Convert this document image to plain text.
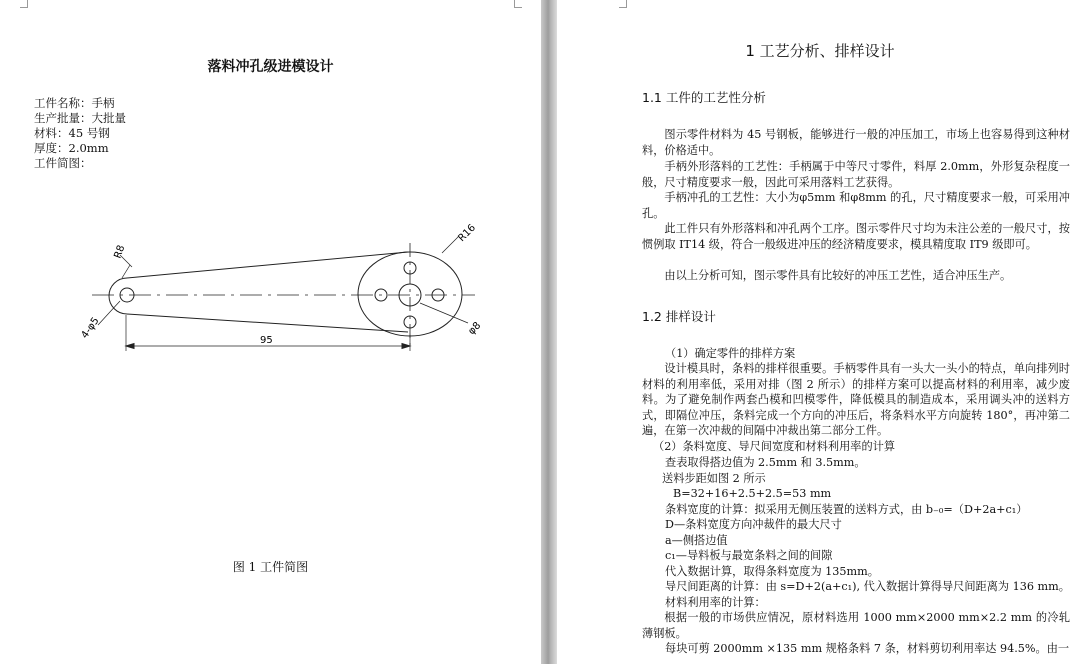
落料冲孔级进模设计
工件名称：手柄
生产批量：大批量
材料：45 号钢
厚度：2.0mm
工件简图：
R16
R8
4-φ5	φ8
95
图 1 工件简图
1 工艺分析、排样设计
1.1 工件的工艺性分析

图示零件材料为 45 号钢板，能够进行一般的冲压加工，市场上也容易得到这种材料，价格适中。

手柄外形落料的工艺性：手柄属于中等尺寸零件，料厚 2.0mm，外形复杂程度一般，尺寸精度要求一般，因此可采用落料工艺获得。

手柄冲孔的工艺性：大小为φ5mm 和φ8mm 的孔，尺寸精度要求一般，可采用冲孔。

此工件只有外形落料和冲孔两个工序。图示零件尺寸均为未注公差的一般尺寸，按惯例取 IT14 级，符合一般级进冲压的经济精度要求，模具精度取 IT9 级即可。

由以上分析可知，图示零件具有比较好的冲压工艺性，适合冲压生产。

1.2 排样设计
（1）确定零件的排样方案

设计模具时，条料的排样很重要。手柄零件具有一头大一头小的特点，单向排列时材料的利用率低，采用对排（图 2 所示）的排样方案可以提高材料的利用率，减少废料。为了避免制作两套凸模和凹模零件，降低模具的制造成本，采用调头冲的送料方式，即隔位冲压，条料完成一个方向的冲压后，将条料水平方向旋转 180°，再冲第二遍，在第一次冲裁的间隔中冲裁出第二部分工件。

（2）条料宽度、导尺间宽度和材料利用率的计算
查表取得搭边值为 2.5mm 和 3.5mm。
送料步距如图 2 所示
B=32+16+2.5+2.5=53 mm
条料宽度的计算：拟采用无侧压装置的送料方式，由 b₋₀=（D+2a+c₁）
D—条料宽度方向冲裁件的最大尺寸
a—侧搭边值
c₁—导料板与最宽条料之间的间隙
代入数据计算，取得条料宽度为 135mm。
导尺间距离的计算：由 s=D+2(a+c₁), 代入数据计算得导尺间距离为 136 mm。
材料利用率的计算：

根据一般的市场供应情况，原材料选用 1000 mm×2000 mm×2.2 mm 的冷轧薄钢板。

每块可剪 2000mm ×135 mm 规格条料 7 条，材料剪切利用率达 94.5%。由一
